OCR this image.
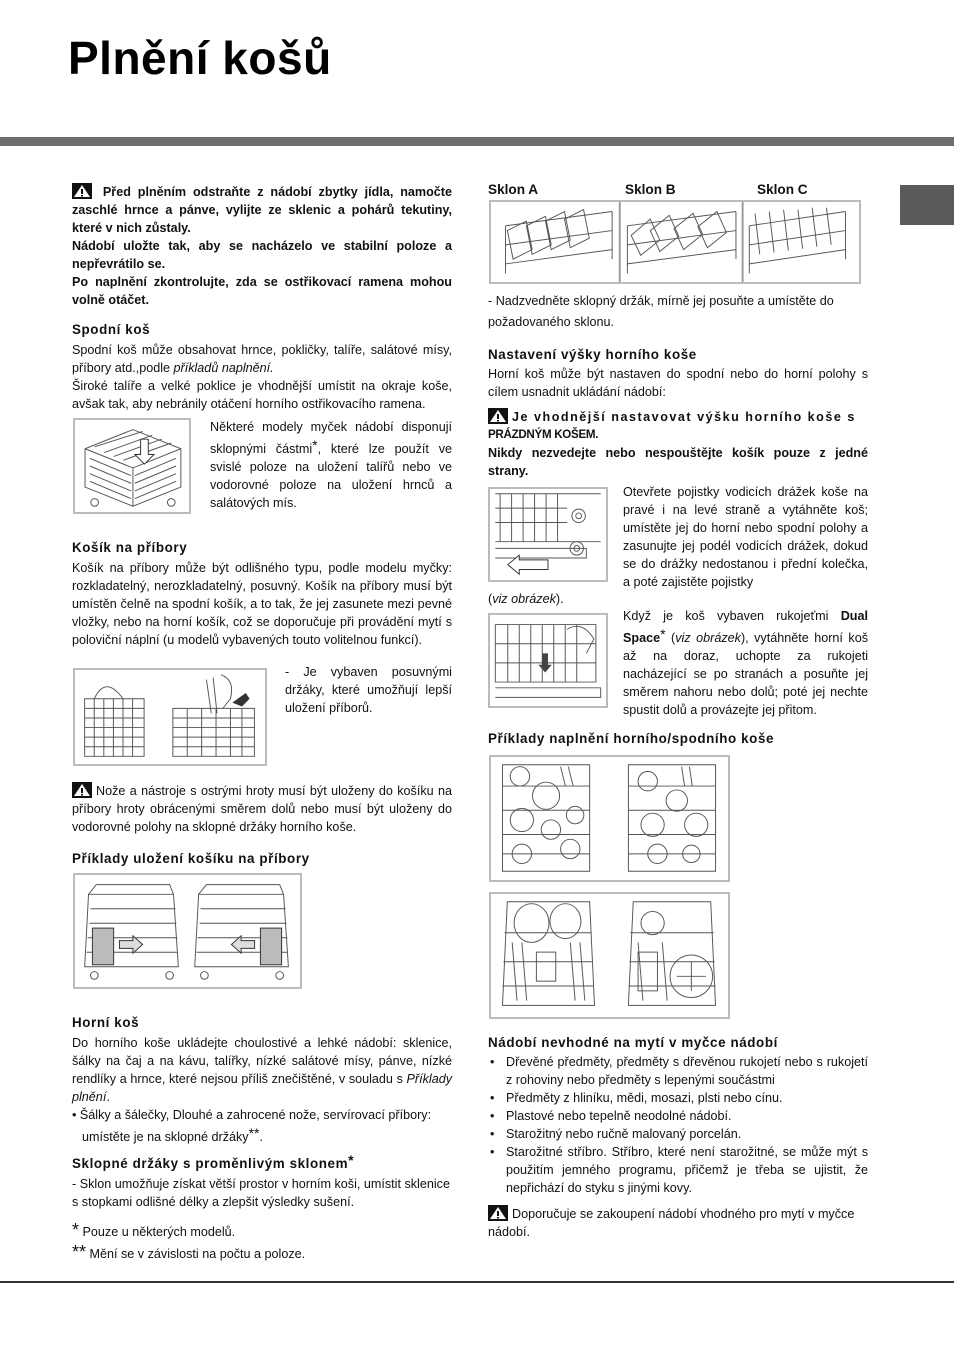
Plnění košů

Před plněním odstraňte z nádobí zbytky jídla, namočte zaschlé hrnce a pánve, vylijte ze sklenic a pohárů tekutiny, které v nich zůstaly.

Nádobí uložte tak, aby se nacházelo ve stabilní poloze a nepřevrátilo se.

Po naplnění zkontrolujte, zda se ostřikovací ramena mohou volně otáčet.

Spodní koš

Spodní koš může obsahovat hrnce, pokličky, talíře, salátové mísy, příbory atd.,podle příkladů naplnění.

Široké talíře a velké poklice je vhodnější umístit na okraje koše, avšak tak, aby nebránily otáčení horního ostřikovacího ramena.

Některé modely myček nádobí disponují sklopnými částmi*, které lze použít ve svislé poloze na uložení talířů nebo ve vodorovné poloze na uložení hrnců a salátových mís.

Košík na příbory

Košík na příbory může být odlišného typu, podle modelu myčky: rozkladatelný, nerozkladatelný, posuvný. Košík na příbory musí být umístěn čelně na spodní košík, a to tak, že jej zasunete mezi pevné vložky, nebo na horní košík, což se doporučuje při provádění mytí s poloviční náplní (u modelů vybavených touto volitelnou funkcí).

- Je vybaven posuvnými držáky, které umožňují lepší uložení příborů.
Nože a nástroje s ostrými hroty musí být uloženy do košíku na příbory hroty obrácenými směrem dolů nebo musí být uloženy do vodorovné polohy na sklopné držáky horního koše.

Příklady uložení košíku na příbory

Horní koš

Do horního koše ukládejte choulostivé a lehké nádobí: sklenice, šálky na čaj a na kávu, talířky, nízké salátové mísy, pánve, nízké rendlíky a hrnce, které nejsou příliš znečištěné, v souladu s Příklady plnění.

• Šálky a šálečky, Dlouhé a zahrocené nože, servírovací příbory: umístěte je na sklopné držáky**.

Sklopné držáky s proměnlivým sklonem*

- Sklon umožňuje získat větší prostor v horním koši, umístit sklenice s stopkami odlišné délky a zlepšit výsledky sušení.

* Pouze u některých modelů.

** Mění se v závislosti na počtu a poloze.

Sklon A	Sklon B	Sklon C
- Nadzvedněte sklopný držák, mírně jej posuňte a umístěte do požadovaného sklonu.

Nastavení výšky horního koše

Horní koš může být nastaven do spodní nebo do horní polohy s cílem usnadnit ukládání nádobí:

Je vhodnější nastavovat výšku horního koše s

PRÁZDNÝM KOŠEM.

Nikdy nezvedejte nebo nespouštějte košík pouze z jedné strany.

Otevřete pojistky vodicích drážek koše na pravé i na levé straně a vytáhněte koš; umístěte jej do horní nebo spodní polohy a zasunujte jej podél vodicích drážek, dokud se do drážky nedostanou i přední kolečka, a poté zajistěte pojistky
(viz obrázek).
Když je koš vybaven rukojeťmi Dual Space* (viz obrázek), vytáhněte horní koš až na doraz, uchopte za rukojeti nacházející se po stranách a posuňte jej směrem nahoru nebo dolů; poté jej nechte spustit dolů a provázejte jej přitom.

Příklady naplnění horního/spodního koše

Nádobí nevhodné na mytí v myčce nádobí

• Dřevěné předměty, předměty s dřevěnou rukojetí nebo s rukojetí z rohoviny nebo předměty s lepenými součástmi
• Předměty z hliníku, mědi, mosazi, plsti nebo cínu.
• Plastové nebo tepelně neodolné nádobí.
• Starožitný nebo ručně malovaný porcelán.
• Starožitné stříbro. Stříbro, které není starožitné, se může mýt s použitím jemného programu, přičemž je třeba se ujistit, že nepřichází do styku s jinými kovy.
Doporučuje se zakoupení nádobí vhodného pro mytí v myčce nádobí.
